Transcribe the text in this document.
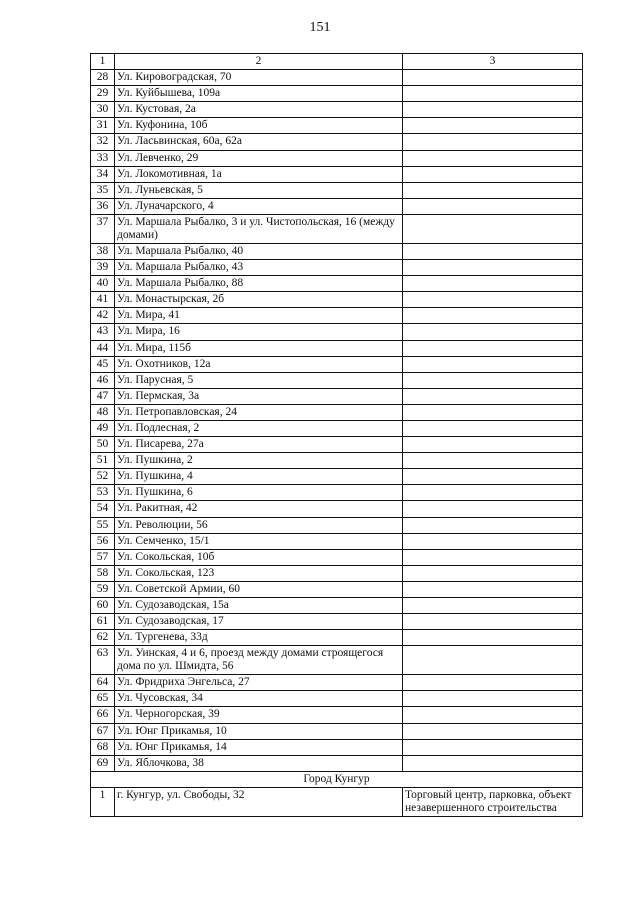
151
1	2	3
28	Ул. Кировоградская, 70	
29	Ул. Куйбышева, 109а	
30	Ул. Кустовая, 2а	
31	Ул. Куфонина, 10б	
32	Ул. Ласьвинская, 60а, 62а	
33	Ул. Левченко, 29	
34	Ул. Локомотивная, 1а	
35	Ул. Луньевская, 5	
36	Ул. Луначарского, 4	
37	Ул. Маршала Рыбалко, 3 и ул. Чистопольская, 16 (между домами)	
38	Ул. Маршала Рыбалко, 40	
39	Ул. Маршала Рыбалко, 43	
40	Ул. Маршала Рыбалко, 88	
41	Ул. Монастырская, 2б	
42	Ул. Мира, 41	
43	Ул. Мира, 16	
44	Ул. Мира, 115б	
45	Ул. Охотников, 12а	
46	Ул. Парусная, 5	
47	Ул. Пермская, 3а	
48	Ул. Петропавловская, 24	
49	Ул. Подлесная, 2	
50	Ул. Писарева, 27а	
51	Ул. Пушкина, 2	
52	Ул. Пушкина, 4	
53	Ул. Пушкина, 6	
54	Ул. Ракитная, 42	
55	Ул. Революции, 56	
56	Ул. Семченко, 15/1	
57	Ул. Сокольская, 10б	
58	Ул. Сокольская, 123	
59	Ул. Советской Армии, 60	
60	Ул. Судозаводская, 15а	
61	Ул. Судозаводская, 17	
62	Ул. Тургенева, 33д	
63	Ул. Уинская, 4 и 6, проезд между домами строящегося дома по ул. Шмидта, 56	
64	Ул. Фридриха Энгельса, 27	
65	Ул. Чусовская, 34	
66	Ул. Черногорская, 39	
67	Ул. Юнг Прикамья, 10	
68	Ул. Юнг Прикамья, 14	
69	Ул. Яблочкова, 38	
Город Кунгур		
1	г. Кунгур, ул. Свободы, 32	Торговый центр, парковка, объект незавершенного строительства
